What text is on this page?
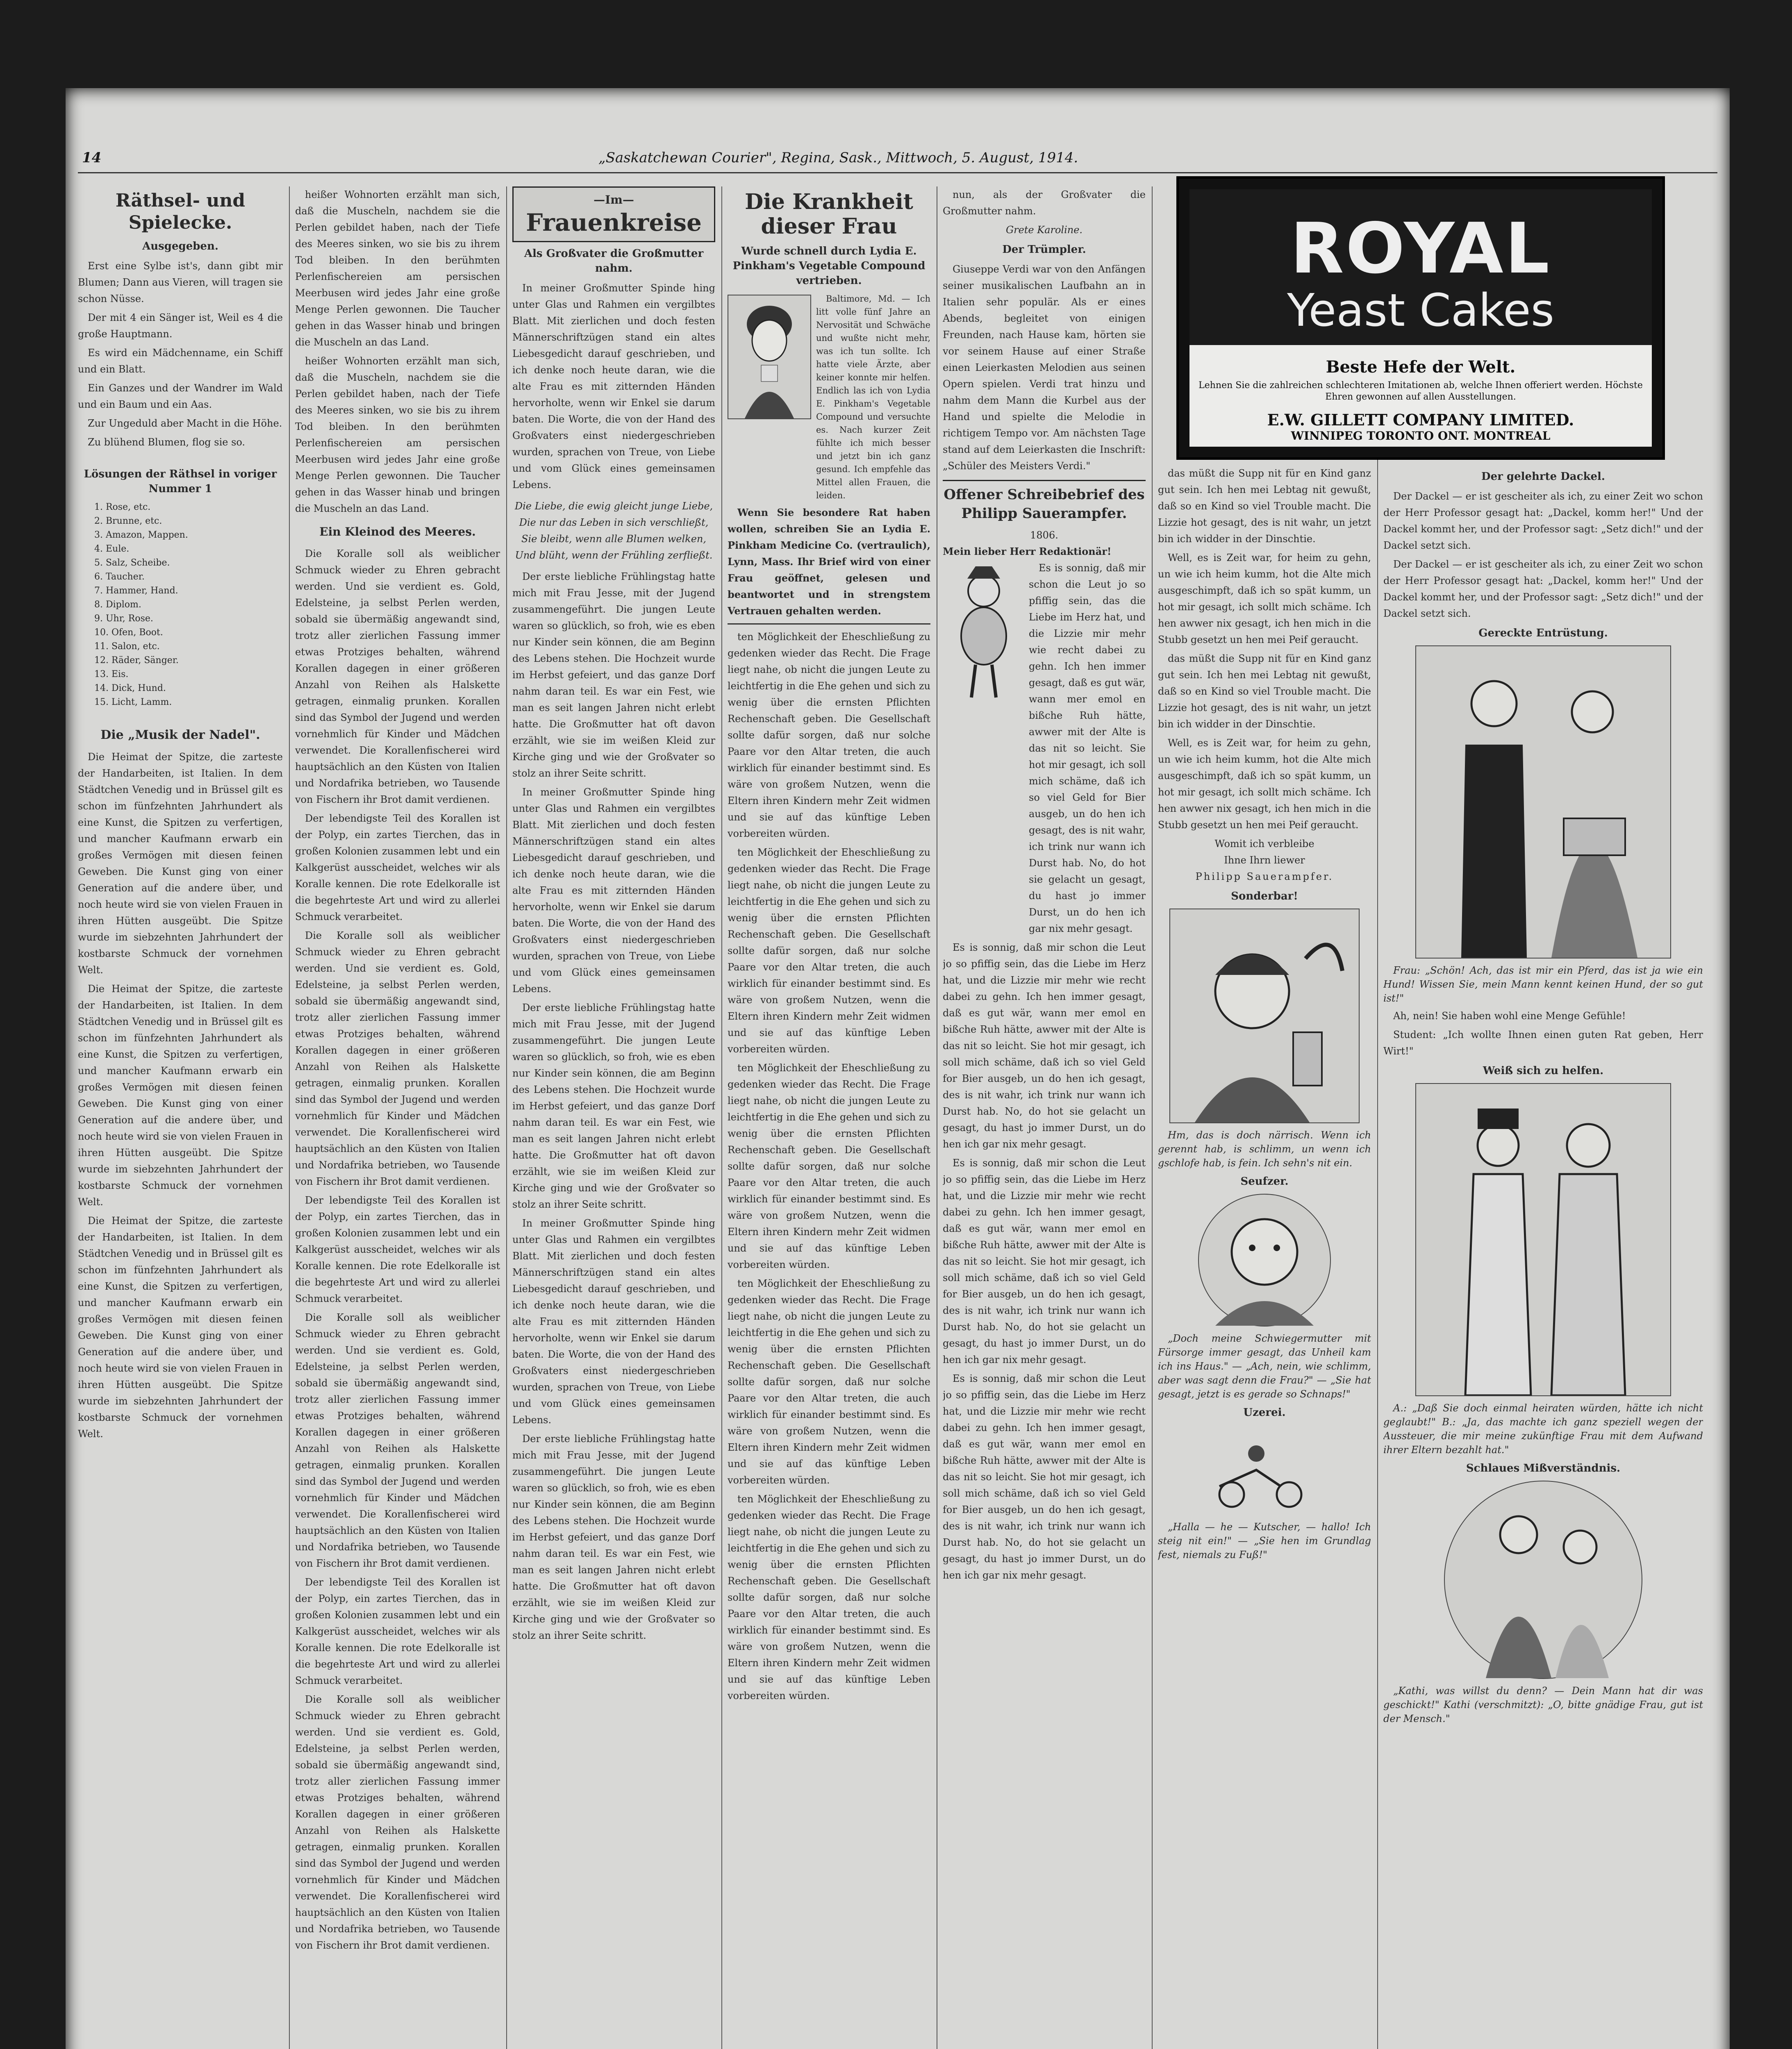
14	„Saskatchewan Courier", Regina, Sask., Mittwoch, 5. August, 1914.
Räthsel- und Spielecke.
Ausgegeben.

Erst eine Sylbe ist's, dann gibt mir Blumen; Dann aus Vieren, will tragen sie schon Nüsse.

Der mit 4 ein Sänger ist, Weil es 4 die große Hauptmann.

Es wird ein Mädchenname, ein Schiff und ein Blatt.

Ein Ganzes und der Wandrer im Wald und ein Baum und ein Aas.

Zur Ungeduld aber Macht in die Höhe.

Zu blühend Blumen, flog sie so.

Lösungen der Räthsel in voriger Nummer 1
1. Rose, etc.
2. Brunne, etc.
3. Amazon, Mappen.
4. Eule.
5. Salz, Scheibe.
6. Taucher.
7. Hammer, Hand.
8. Diplom.
9. Uhr, Rose.
10. Ofen, Boot.
11. Salon, etc.
12. Räder, Sänger.
13. Eis.
14. Dick, Hund.
15. Licht, Lamm.
Die „Musik der Nadel".

Die Heimat der Spitze, die zarteste der Handarbeiten, ist Italien. In dem Städtchen Venedig und in Brüssel gilt es schon im fünfzehnten Jahrhundert als eine Kunst, die Spitzen zu verfertigen, und mancher Kaufmann erwarb ein großes Vermögen mit diesen feinen Geweben. Die Kunst ging von einer Generation auf die andere über, und noch heute wird sie von vielen Frauen in ihren Hütten ausgeübt. Die Spitze wurde im siebzehnten Jahrhundert der kostbarste Schmuck der vornehmen Welt.

Die Heimat der Spitze, die zarteste der Handarbeiten, ist Italien. In dem Städtchen Venedig und in Brüssel gilt es schon im fünfzehnten Jahrhundert als eine Kunst, die Spitzen zu verfertigen, und mancher Kaufmann erwarb ein großes Vermögen mit diesen feinen Geweben. Die Kunst ging von einer Generation auf die andere über, und noch heute wird sie von vielen Frauen in ihren Hütten ausgeübt. Die Spitze wurde im siebzehnten Jahrhundert der kostbarste Schmuck der vornehmen Welt.

Die Heimat der Spitze, die zarteste der Handarbeiten, ist Italien. In dem Städtchen Venedig und in Brüssel gilt es schon im fünfzehnten Jahrhundert als eine Kunst, die Spitzen zu verfertigen, und mancher Kaufmann erwarb ein großes Vermögen mit diesen feinen Geweben. Die Kunst ging von einer Generation auf die andere über, und noch heute wird sie von vielen Frauen in ihren Hütten ausgeübt. Die Spitze wurde im siebzehnten Jahrhundert der kostbarste Schmuck der vornehmen Welt.

heißer Wohnorten erzählt man sich, daß die Muscheln, nachdem sie die Perlen gebildet haben, nach der Tiefe des Meeres sinken, wo sie bis zu ihrem Tod bleiben. In den berühmten Perlenfischereien am persischen Meerbusen wird jedes Jahr eine große Menge Perlen gewonnen. Die Taucher gehen in das Wasser hinab und bringen die Muscheln an das Land.

heißer Wohnorten erzählt man sich, daß die Muscheln, nachdem sie die Perlen gebildet haben, nach der Tiefe des Meeres sinken, wo sie bis zu ihrem Tod bleiben. In den berühmten Perlenfischereien am persischen Meerbusen wird jedes Jahr eine große Menge Perlen gewonnen. Die Taucher gehen in das Wasser hinab und bringen die Muscheln an das Land.

Ein Kleinod des Meeres.

Die Koralle soll als weiblicher Schmuck wieder zu Ehren gebracht werden. Und sie verdient es. Gold, Edelsteine, ja selbst Perlen werden, sobald sie übermäßig angewandt sind, trotz aller zierlichen Fassung immer etwas Protziges behalten, während Korallen dagegen in einer größeren Anzahl von Reihen als Halskette getragen, einmalig prunken. Korallen sind das Symbol der Jugend und werden vornehmlich für Kinder und Mädchen verwendet. Die Korallenfischerei wird hauptsächlich an den Küsten von Italien und Nordafrika betrieben, wo Tausende von Fischern ihr Brot damit verdienen.

Der lebendigste Teil des Korallen ist der Polyp, ein zartes Tierchen, das in großen Kolonien zusammen lebt und ein Kalkgerüst ausscheidet, welches wir als Koralle kennen. Die rote Edelkoralle ist die begehrteste Art und wird zu allerlei Schmuck verarbeitet.

Die Koralle soll als weiblicher Schmuck wieder zu Ehren gebracht werden. Und sie verdient es. Gold, Edelsteine, ja selbst Perlen werden, sobald sie übermäßig angewandt sind, trotz aller zierlichen Fassung immer etwas Protziges behalten, während Korallen dagegen in einer größeren Anzahl von Reihen als Halskette getragen, einmalig prunken. Korallen sind das Symbol der Jugend und werden vornehmlich für Kinder und Mädchen verwendet. Die Korallenfischerei wird hauptsächlich an den Küsten von Italien und Nordafrika betrieben, wo Tausende von Fischern ihr Brot damit verdienen.

Der lebendigste Teil des Korallen ist der Polyp, ein zartes Tierchen, das in großen Kolonien zusammen lebt und ein Kalkgerüst ausscheidet, welches wir als Koralle kennen. Die rote Edelkoralle ist die begehrteste Art und wird zu allerlei Schmuck verarbeitet.

Die Koralle soll als weiblicher Schmuck wieder zu Ehren gebracht werden. Und sie verdient es. Gold, Edelsteine, ja selbst Perlen werden, sobald sie übermäßig angewandt sind, trotz aller zierlichen Fassung immer etwas Protziges behalten, während Korallen dagegen in einer größeren Anzahl von Reihen als Halskette getragen, einmalig prunken. Korallen sind das Symbol der Jugend und werden vornehmlich für Kinder und Mädchen verwendet. Die Korallenfischerei wird hauptsächlich an den Küsten von Italien und Nordafrika betrieben, wo Tausende von Fischern ihr Brot damit verdienen.

Der lebendigste Teil des Korallen ist der Polyp, ein zartes Tierchen, das in großen Kolonien zusammen lebt und ein Kalkgerüst ausscheidet, welches wir als Koralle kennen. Die rote Edelkoralle ist die begehrteste Art und wird zu allerlei Schmuck verarbeitet.

Die Koralle soll als weiblicher Schmuck wieder zu Ehren gebracht werden. Und sie verdient es. Gold, Edelsteine, ja selbst Perlen werden, sobald sie übermäßig angewandt sind, trotz aller zierlichen Fassung immer etwas Protziges behalten, während Korallen dagegen in einer größeren Anzahl von Reihen als Halskette getragen, einmalig prunken. Korallen sind das Symbol der Jugend und werden vornehmlich für Kinder und Mädchen verwendet. Die Korallenfischerei wird hauptsächlich an den Küsten von Italien und Nordafrika betrieben, wo Tausende von Fischern ihr Brot damit verdienen.

—Im—
Frauenkreise
Als Großvater die Großmutter nahm.

In meiner Großmutter Spinde hing unter Glas und Rahmen ein vergilbtes Blatt. Mit zierlichen und doch festen Männerschriftzügen stand ein altes Liebesgedicht darauf geschrieben, und ich denke noch heute daran, wie die alte Frau es mit zitternden Händen hervorholte, wenn wir Enkel sie darum baten. Die Worte, die von der Hand des Großvaters einst niedergeschrieben wurden, sprachen von Treue, von Liebe und vom Glück eines gemeinsamen Lebens.

Die Liebe, die ewig gleicht junge Liebe,
Die nur das Leben in sich verschließt,
Sie bleibt, wenn alle Blumen welken,
Und blüht, wenn der Frühling zerfließt.

Der erste liebliche Frühlingstag hatte mich mit Frau Jesse, mit der Jugend zusammengeführt. Die jungen Leute waren so glücklich, so froh, wie es eben nur Kinder sein können, die am Beginn des Lebens stehen. Die Hochzeit wurde im Herbst gefeiert, und das ganze Dorf nahm daran teil. Es war ein Fest, wie man es seit langen Jahren nicht erlebt hatte. Die Großmutter hat oft davon erzählt, wie sie im weißen Kleid zur Kirche ging und wie der Großvater so stolz an ihrer Seite schritt.

In meiner Großmutter Spinde hing unter Glas und Rahmen ein vergilbtes Blatt. Mit zierlichen und doch festen Männerschriftzügen stand ein altes Liebesgedicht darauf geschrieben, und ich denke noch heute daran, wie die alte Frau es mit zitternden Händen hervorholte, wenn wir Enkel sie darum baten. Die Worte, die von der Hand des Großvaters einst niedergeschrieben wurden, sprachen von Treue, von Liebe und vom Glück eines gemeinsamen Lebens.

Der erste liebliche Frühlingstag hatte mich mit Frau Jesse, mit der Jugend zusammengeführt. Die jungen Leute waren so glücklich, so froh, wie es eben nur Kinder sein können, die am Beginn des Lebens stehen. Die Hochzeit wurde im Herbst gefeiert, und das ganze Dorf nahm daran teil. Es war ein Fest, wie man es seit langen Jahren nicht erlebt hatte. Die Großmutter hat oft davon erzählt, wie sie im weißen Kleid zur Kirche ging und wie der Großvater so stolz an ihrer Seite schritt.

In meiner Großmutter Spinde hing unter Glas und Rahmen ein vergilbtes Blatt. Mit zierlichen und doch festen Männerschriftzügen stand ein altes Liebesgedicht darauf geschrieben, und ich denke noch heute daran, wie die alte Frau es mit zitternden Händen hervorholte, wenn wir Enkel sie darum baten. Die Worte, die von der Hand des Großvaters einst niedergeschrieben wurden, sprachen von Treue, von Liebe und vom Glück eines gemeinsamen Lebens.

Der erste liebliche Frühlingstag hatte mich mit Frau Jesse, mit der Jugend zusammengeführt. Die jungen Leute waren so glücklich, so froh, wie es eben nur Kinder sein können, die am Beginn des Lebens stehen. Die Hochzeit wurde im Herbst gefeiert, und das ganze Dorf nahm daran teil. Es war ein Fest, wie man es seit langen Jahren nicht erlebt hatte. Die Großmutter hat oft davon erzählt, wie sie im weißen Kleid zur Kirche ging und wie der Großvater so stolz an ihrer Seite schritt.

Die Krankheit
dieser Frau
Wurde schnell durch Lydia E. Pinkham's Vegetable Compound vertrieben.

Baltimore, Md. — Ich litt volle fünf Jahre an Nervosität und Schwäche und wußte nicht mehr, was ich tun sollte. Ich hatte viele Ärzte, aber keiner konnte mir helfen. Endlich las ich von Lydia E. Pinkham's Vegetable Compound und versuchte es. Nach kurzer Zeit fühlte ich mich besser und jetzt bin ich ganz gesund. Ich empfehle das Mittel allen Frauen, die leiden.

Wenn Sie besondere Rat haben wollen, schreiben Sie an Lydia E. Pinkham Medicine Co. (vertraulich), Lynn, Mass. Ihr Brief wird von einer Frau geöffnet, gelesen und beantwortet und in strengstem Vertrauen gehalten werden.

ten Möglichkeit der Eheschließung zu gedenken wieder das Recht. Die Frage liegt nahe, ob nicht die jungen Leute zu leichtfertig in die Ehe gehen und sich zu wenig über die ernsten Pflichten Rechenschaft geben. Die Gesellschaft sollte dafür sorgen, daß nur solche Paare vor den Altar treten, die auch wirklich für einander bestimmt sind. Es wäre von großem Nutzen, wenn die Eltern ihren Kindern mehr Zeit widmen und sie auf das künftige Leben vorbereiten würden.

ten Möglichkeit der Eheschließung zu gedenken wieder das Recht. Die Frage liegt nahe, ob nicht die jungen Leute zu leichtfertig in die Ehe gehen und sich zu wenig über die ernsten Pflichten Rechenschaft geben. Die Gesellschaft sollte dafür sorgen, daß nur solche Paare vor den Altar treten, die auch wirklich für einander bestimmt sind. Es wäre von großem Nutzen, wenn die Eltern ihren Kindern mehr Zeit widmen und sie auf das künftige Leben vorbereiten würden.

ten Möglichkeit der Eheschließung zu gedenken wieder das Recht. Die Frage liegt nahe, ob nicht die jungen Leute zu leichtfertig in die Ehe gehen und sich zu wenig über die ernsten Pflichten Rechenschaft geben. Die Gesellschaft sollte dafür sorgen, daß nur solche Paare vor den Altar treten, die auch wirklich für einander bestimmt sind. Es wäre von großem Nutzen, wenn die Eltern ihren Kindern mehr Zeit widmen und sie auf das künftige Leben vorbereiten würden.

ten Möglichkeit der Eheschließung zu gedenken wieder das Recht. Die Frage liegt nahe, ob nicht die jungen Leute zu leichtfertig in die Ehe gehen und sich zu wenig über die ernsten Pflichten Rechenschaft geben. Die Gesellschaft sollte dafür sorgen, daß nur solche Paare vor den Altar treten, die auch wirklich für einander bestimmt sind. Es wäre von großem Nutzen, wenn die Eltern ihren Kindern mehr Zeit widmen und sie auf das künftige Leben vorbereiten würden.

ten Möglichkeit der Eheschließung zu gedenken wieder das Recht. Die Frage liegt nahe, ob nicht die jungen Leute zu leichtfertig in die Ehe gehen und sich zu wenig über die ernsten Pflichten Rechenschaft geben. Die Gesellschaft sollte dafür sorgen, daß nur solche Paare vor den Altar treten, die auch wirklich für einander bestimmt sind. Es wäre von großem Nutzen, wenn die Eltern ihren Kindern mehr Zeit widmen und sie auf das künftige Leben vorbereiten würden.

nun, als der Großvater die Großmutter nahm.

Grete Karoline.
Der Trümpler.

Giuseppe Verdi war von den Anfängen seiner musikalischen Laufbahn an in Italien sehr populär. Als er eines Abends, begleitet von einigen Freunden, nach Hause kam, hörten sie vor seinem Hause auf einer Straße einen Leierkasten Melodien aus seinen Opern spielen. Verdi trat hinzu und nahm dem Mann die Kurbel aus der Hand und spielte die Melodie in richtigem Tempo vor. Am nächsten Tage stand auf dem Leierkasten die Inschrift: „Schüler des Meisters Verdi."

Offener Schreibebrief des Philipp Sauerampfer.
1806.
Mein lieber Herr Redaktionär!

Es is sonnig, daß mir schon die Leut jo so pfiffig sein, das die Liebe im Herz hat, und die Lizzie mir mehr wie recht dabei zu gehn. Ich hen immer gesagt, daß es gut wär, wann mer emol en bißche Ruh hätte, awwer mit der Alte is das nit so leicht. Sie hot mir gesagt, ich soll mich schäme, daß ich so viel Geld for Bier ausgeb, un do hen ich gesagt, des is nit wahr, ich trink nur wann ich Durst hab. No, do hot sie gelacht un gesagt, du hast jo immer Durst, un do hen ich gar nix mehr gesagt.

Es is sonnig, daß mir schon die Leut jo so pfiffig sein, das die Liebe im Herz hat, und die Lizzie mir mehr wie recht dabei zu gehn. Ich hen immer gesagt, daß es gut wär, wann mer emol en bißche Ruh hätte, awwer mit der Alte is das nit so leicht. Sie hot mir gesagt, ich soll mich schäme, daß ich so viel Geld for Bier ausgeb, un do hen ich gesagt, des is nit wahr, ich trink nur wann ich Durst hab. No, do hot sie gelacht un gesagt, du hast jo immer Durst, un do hen ich gar nix mehr gesagt.

Es is sonnig, daß mir schon die Leut jo so pfiffig sein, das die Liebe im Herz hat, und die Lizzie mir mehr wie recht dabei zu gehn. Ich hen immer gesagt, daß es gut wär, wann mer emol en bißche Ruh hätte, awwer mit der Alte is das nit so leicht. Sie hot mir gesagt, ich soll mich schäme, daß ich so viel Geld for Bier ausgeb, un do hen ich gesagt, des is nit wahr, ich trink nur wann ich Durst hab. No, do hot sie gelacht un gesagt, du hast jo immer Durst, un do hen ich gar nix mehr gesagt.

Es is sonnig, daß mir schon die Leut jo so pfiffig sein, das die Liebe im Herz hat, und die Lizzie mir mehr wie recht dabei zu gehn. Ich hen immer gesagt, daß es gut wär, wann mer emol en bißche Ruh hätte, awwer mit der Alte is das nit so leicht. Sie hot mir gesagt, ich soll mich schäme, daß ich so viel Geld for Bier ausgeb, un do hen ich gesagt, des is nit wahr, ich trink nur wann ich Durst hab. No, do hot sie gelacht un gesagt, du hast jo immer Durst, un do hen ich gar nix mehr gesagt.

ROYAL
Yeast Cakes
Beste Hefe der Welt.
Lehnen Sie die zahlreichen schlechteren Imitationen ab, welche Ihnen offeriert werden. Höchste Ehren gewonnen auf allen Ausstellungen.
E.W. GILLETT COMPANY LIMITED.
WINNIPEG TORONTO ONT. MONTREAL

das müßt die Supp nit für en Kind ganz gut sein. Ich hen mei Lebtag nit gewußt, daß so en Kind so viel Trouble macht. Die Lizzie hot gesagt, des is nit wahr, un jetzt bin ich widder in der Dinschtie.

Well, es is Zeit war, for heim zu gehn, un wie ich heim kumm, hot die Alte mich ausgeschimpft, daß ich so spät kumm, un hot mir gesagt, ich sollt mich schäme. Ich hen awwer nix gesagt, ich hen mich in die Stubb gesetzt un hen mei Peif geraucht.

das müßt die Supp nit für en Kind ganz gut sein. Ich hen mei Lebtag nit gewußt, daß so en Kind so viel Trouble macht. Die Lizzie hot gesagt, des is nit wahr, un jetzt bin ich widder in der Dinschtie.

Well, es is Zeit war, for heim zu gehn, un wie ich heim kumm, hot die Alte mich ausgeschimpft, daß ich so spät kumm, un hot mir gesagt, ich sollt mich schäme. Ich hen awwer nix gesagt, ich hen mich in die Stubb gesetzt un hen mei Peif geraucht.

Womit ich verbleibe
Ihne Ihrn liewer
Philipp Sauerampfer.
Sonderbar!

Hm, das is doch närrisch. Wenn ich gerennt hab, is schlimm, un wenn ich gschlofe hab, is fein. Ich sehn's nit ein.

Seufzer.

„Doch meine Schwiegermutter mit Fürsorge immer gesagt, das Unheil kam ich ins Haus." — „Ach, nein, wie schlimm, aber was sagt denn die Frau?" — „Sie hat gesagt, jetzt is es gerade so Schnaps!"

Uzerei.

„Halla — he — Kutscher, — hallo! Ich steig nit ein!" — „Sie hen im Grundlag fest, niemals zu Fuß!"

Der gelehrte Dackel.

Der Dackel — er ist gescheiter als ich, zu einer Zeit wo schon der Herr Professor gesagt hat: „Dackel, komm her!" Und der Dackel kommt her, und der Professor sagt: „Setz dich!" und der Dackel setzt sich.

Der Dackel — er ist gescheiter als ich, zu einer Zeit wo schon der Herr Professor gesagt hat: „Dackel, komm her!" Und der Dackel kommt her, und der Professor sagt: „Setz dich!" und der Dackel setzt sich.

Gereckte Entrüstung.

Frau: „Schön! Ach, das ist mir ein Pferd, das ist ja wie ein Hund! Wissen Sie, mein Mann kennt keinen Hund, der so gut ist!"

Ah, nein! Sie haben wohl eine Menge Gefühle!

Student: „Ich wollte Ihnen einen guten Rat geben, Herr Wirt!"

Weiß sich zu helfen.

A.: „Daß Sie doch einmal heiraten würden, hätte ich nicht geglaubt!" B.: „Ja, das machte ich ganz speziell wegen der Aussteuer, die mir meine zukünftige Frau mit dem Aufwand ihrer Eltern bezahlt hat."

Schlaues Mißverständnis.

„Kathi, was willst du denn? — Dein Mann hat dir was geschickt!" Kathi (verschmitzt): „O, bitte gnädige Frau, gut ist der Mensch."
